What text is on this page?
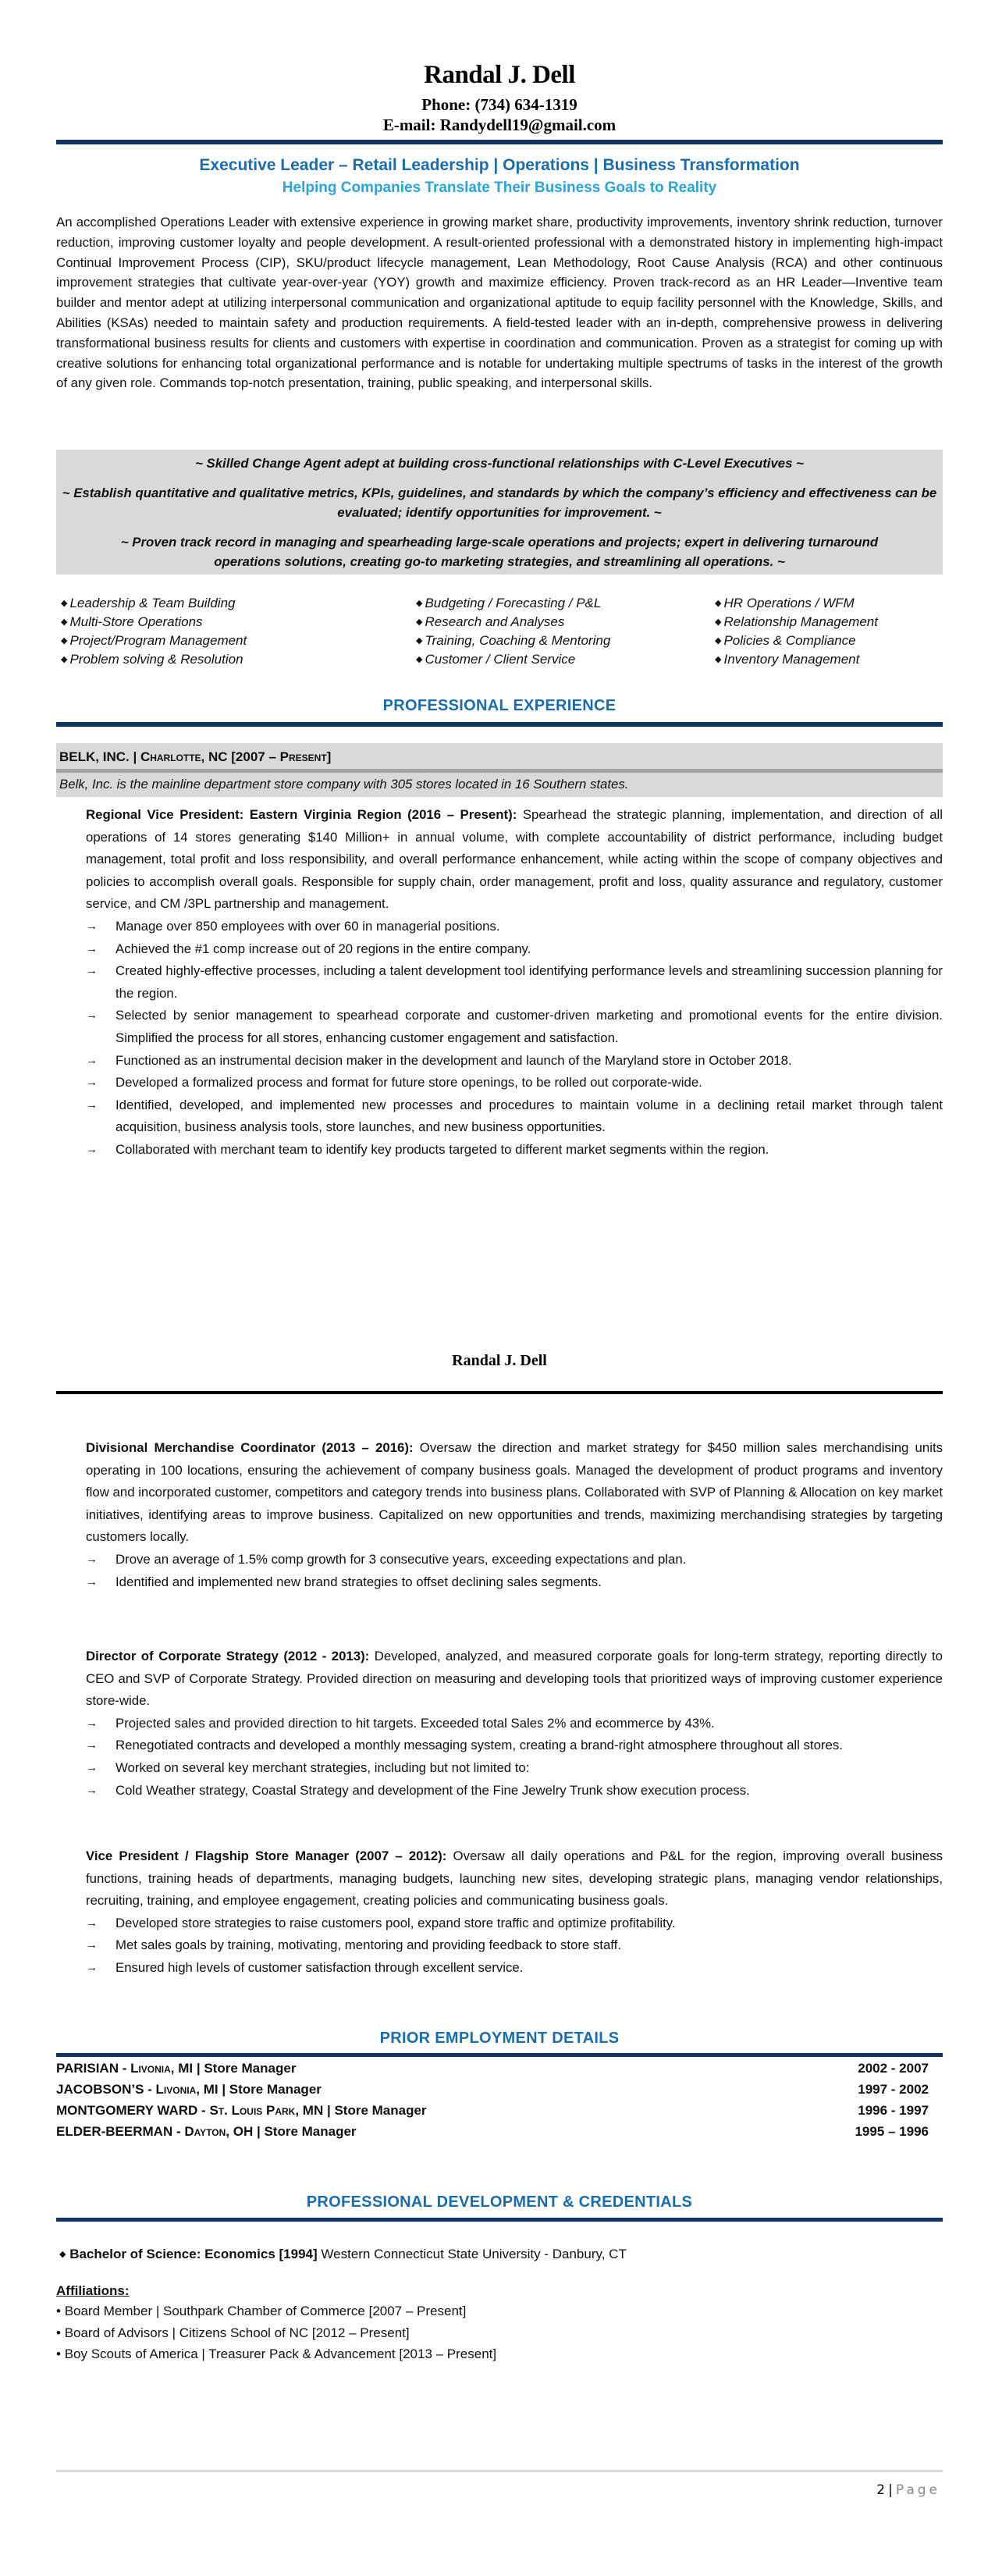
Randal J. Dell
Phone: (734) 634-1319
E-mail: Randydell19@gmail.com
Executive Leader – Retail Leadership | Operations | Business Transformation
Helping Companies Translate Their Business Goals to Reality

An accomplished Operations Leader with extensive experience in growing market share, productivity improvements, inventory shrink reduction, turnover reduction, improving customer loyalty and people development. A result-oriented professional with a demonstrated history in implementing high-impact Continual Improvement Process (CIP), SKU/product lifecycle management, Lean Methodology, Root Cause Analysis (RCA) and other continuous improvement strategies that cultivate year-over-year (YOY) growth and maximize efficiency. Proven track-record as an HR Leader—Inventive team builder and mentor adept at utilizing interpersonal communication and organizational aptitude to equip facility personnel with the Knowledge, Skills, and Abilities (KSAs) needed to maintain safety and production requirements. A field-tested leader with an in-depth, comprehensive prowess in delivering transformational business results for clients and customers with expertise in coordination and communication. Proven as a strategist for coming up with creative solutions for enhancing total organizational performance and is notable for undertaking multiple spectrums of tasks in the interest of the growth of any given role. Commands top-notch presentation, training, public speaking, and interpersonal skills.

~ Skilled Change Agent adept at building cross-functional relationships with C-Level Executives ~

~ Establish quantitative and qualitative metrics, KPIs, guidelines, and standards by which the company’s efficiency and effectiveness can be evaluated; identify opportunities for improvement. ~

~ Proven track record in managing and spearheading large-scale operations and projects; expert in delivering turnaround operations solutions, creating go-to marketing strategies, and streamlining all operations. ~

◆ Leadership & Team Building	◆ Budgeting / Forecasting / P&L	◆ HR Operations / WFM
◆ Multi-Store Operations	◆ Research and Analyses	◆ Relationship Management
◆ Project/Program Management	◆ Training, Coaching & Mentoring	◆ Policies & Compliance
◆ Problem solving & Resolution	◆ Customer / Client Service	◆ Inventory Management
PROFESSIONAL EXPERIENCE
BELK, INC. | Charlotte, NC [2007 – Present]
Belk, Inc. is the mainline department store company with 305 stores located in 16 Southern states.

Regional Vice President: Eastern Virginia Region (2016 – Present): Spearhead the strategic planning, implementation, and direction of all operations of 14 stores generating $140 Million+ in annual volume, with complete accountability of district performance, including budget management, total profit and loss responsibility, and overall performance enhancement, while acting within the scope of company objectives and policies to accomplish overall goals. Responsible for supply chain, order management, profit and loss, quality assurance and regulatory, customer service, and CM /3PL partnership and management.

→ Manage over 850 employees with over 60 in managerial positions.
→ Achieved the #1 comp increase out of 20 regions in the entire company.
→ Created highly-effective processes, including a talent development tool identifying performance levels and streamlining succession planning for the region.
→ Selected by senior management to spearhead corporate and customer-driven marketing and promotional events for the entire division. Simplified the process for all stores, enhancing customer engagement and satisfaction.
→ Functioned as an instrumental decision maker in the development and launch of the Maryland store in October 2018.
→ Developed a formalized process and format for future store openings, to be rolled out corporate-wide.
→ Identified, developed, and implemented new processes and procedures to maintain volume in a declining retail market through talent acquisition, business analysis tools, store launches, and new business opportunities.
→ Collaborated with merchant team to identify key products targeted to different market segments within the region.
Randal J. Dell

Divisional Merchandise Coordinator (2013 – 2016): Oversaw the direction and market strategy for $450 million sales merchandising units operating in 100 locations, ensuring the achievement of company business goals. Managed the development of product programs and inventory flow and incorporated customer, competitors and category trends into business plans. Collaborated with SVP of Planning & Allocation on key market initiatives, identifying areas to improve business. Capitalized on new opportunities and trends, maximizing merchandising strategies by targeting customers locally.

→ Drove an average of 1.5% comp growth for 3 consecutive years, exceeding expectations and plan.
→ Identified and implemented new brand strategies to offset declining sales segments.

Director of Corporate Strategy (2012 - 2013): Developed, analyzed, and measured corporate goals for long-term strategy, reporting directly to CEO and SVP of Corporate Strategy. Provided direction on measuring and developing tools that prioritized ways of improving customer experience store-wide.

→ Projected sales and provided direction to hit targets. Exceeded total Sales 2% and ecommerce by 43%.
→ Renegotiated contracts and developed a monthly messaging system, creating a brand-right atmosphere throughout all stores.
→ Worked on several key merchant strategies, including but not limited to:
→ Cold Weather strategy, Coastal Strategy and development of the Fine Jewelry Trunk show execution process.

Vice President / Flagship Store Manager (2007 – 2012): Oversaw all daily operations and P&L for the region, improving overall business functions, training heads of departments, managing budgets, launching new sites, developing strategic plans, managing vendor relationships, recruiting, training, and employee engagement, creating policies and communicating business goals.

→ Developed store strategies to raise customers pool, expand store traffic and optimize profitability.
→ Met sales goals by training, motivating, mentoring and providing feedback to store staff.
→ Ensured high levels of customer satisfaction through excellent service.
PRIOR EMPLOYMENT DETAILS
PARISIAN - Livonia, MI | Store Manager	2002 - 2007
JACOBSON’S - Livonia, MI | Store Manager	1997 - 2002
MONTGOMERY WARD - St. Louis Park, MN | Store Manager	1996 - 1997
ELDER-BEERMAN - Dayton, OH | Store Manager	1995 – 1996
PROFESSIONAL DEVELOPMENT & CREDENTIALS
◆ Bachelor of Science: Economics [1994] Western Connecticut State University - Danbury, CT
Affiliations:
• Board Member | Southpark Chamber of Commerce [2007 – Present]
• Board of Advisors | Citizens School of NC [2012 – Present]
• Boy Scouts of America | Treasurer Pack & Advancement [2013 – Present]
2 | Page
